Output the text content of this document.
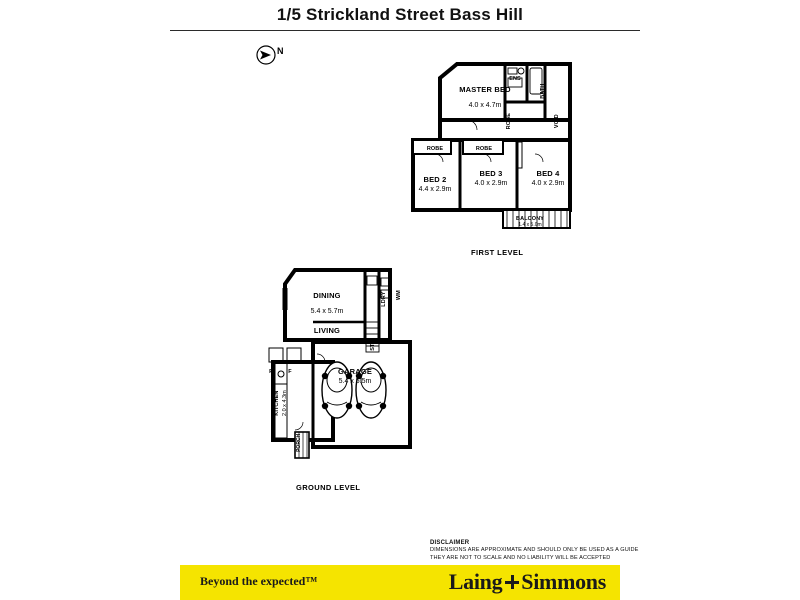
1/5 Strickland Street Bass Hill
N
MASTER BED
4.0 x 4.7m
ENS
BATH
ROBE	VOID
ROBE	ROBE
BED 2
4.4 x 2.9m
BED 3
4.0 x 2.9m
BED 4
4.0 x 2.9m
BALCONY
1.4 x 5.0m
FIRST LEVEL
DINING
5.4 x 5.7m
LIVING
LDRY WM
ST
P	F
KITCHEN 2.0 x 4.3m
GARAGE
5.4 x 5.5m
PORCH
GROUND LEVEL
DISCLAIMER
DIMENSIONS ARE APPROXIMATE AND SHOULD ONLY BE USED AS A GUIDE
THEY ARE NOT TO SCALE AND NO LIABILITY WILL BE ACCEPTED
Beyond the expected™	Laing Simmons
